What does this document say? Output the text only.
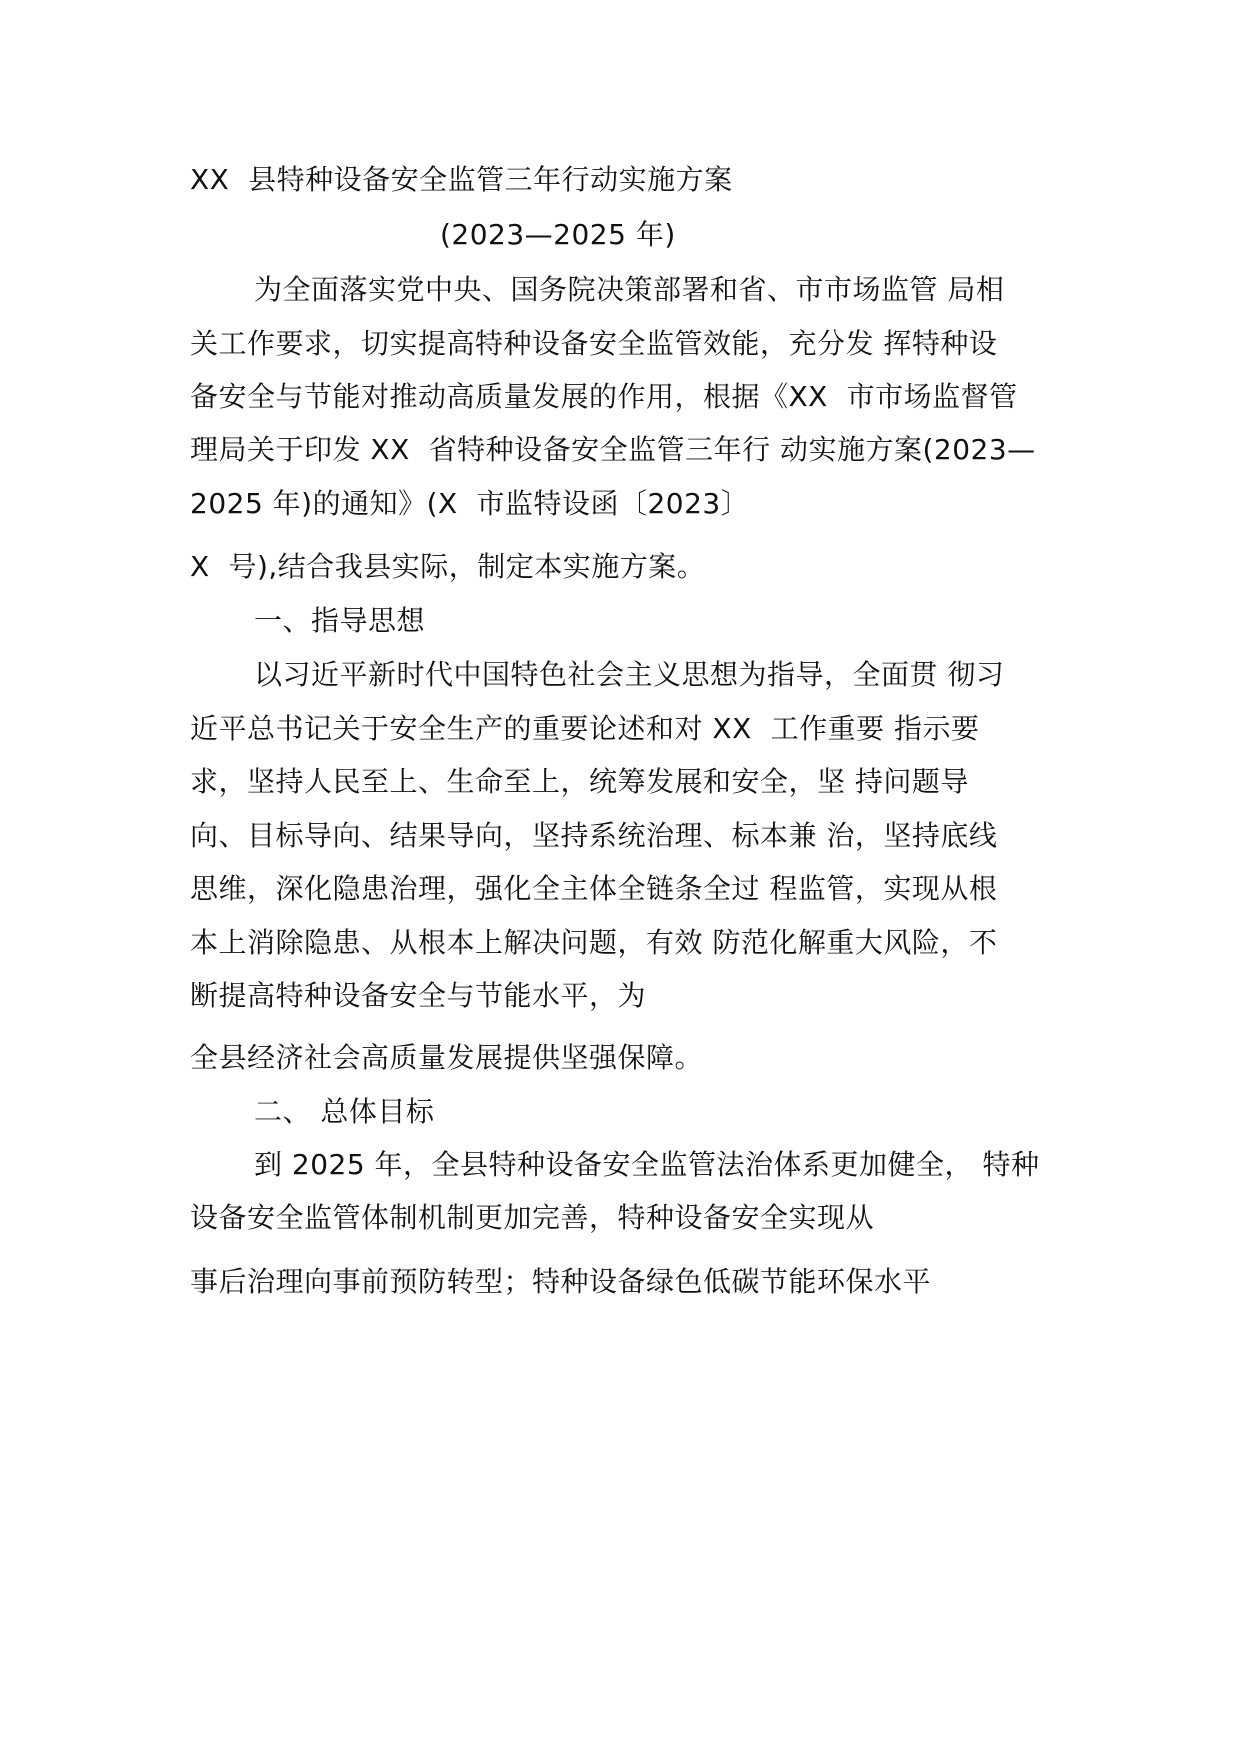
XX  县特种设备安全监管三年行动实施方案
(2023—2025 年)
为全面落实党中央、国务院决策部署和省、市市场监管 局相
关工作要求，切实提高特种设备安全监管效能，充分发 挥特种设
备安全与节能对推动高质量发展的作用，根据《XX  市市场监督管
理局关于印发 XX  省特种设备安全监管三年行 动实施方案(2023—
2025 年)的通知》(X  市监特设函〔2023〕
X  号),结合我县实际，制定本实施方案。
一、指导思想
以习近平新时代中国特色社会主义思想为指导，全面贯 彻习
近平总书记关于安全生产的重要论述和对 XX  工作重要 指示要
求，坚持人民至上、生命至上，统筹发展和安全，坚 持问题导
向、目标导向、结果导向，坚持系统治理、标本兼 治，坚持底线
思维，深化隐患治理，强化全主体全链条全过 程监管，实现从根
本上消除隐患、从根本上解决问题，有效 防范化解重大风险，不
断提高特种设备安全与节能水平，为
全县经济社会高质量发展提供坚强保障。
二、 总体目标
到 2025 年，全县特种设备安全监管法治体系更加健全， 特种
设备安全监管体制机制更加完善，特种设备安全实现从
事后治理向事前预防转型；特种设备绿色低碳节能环保水平
